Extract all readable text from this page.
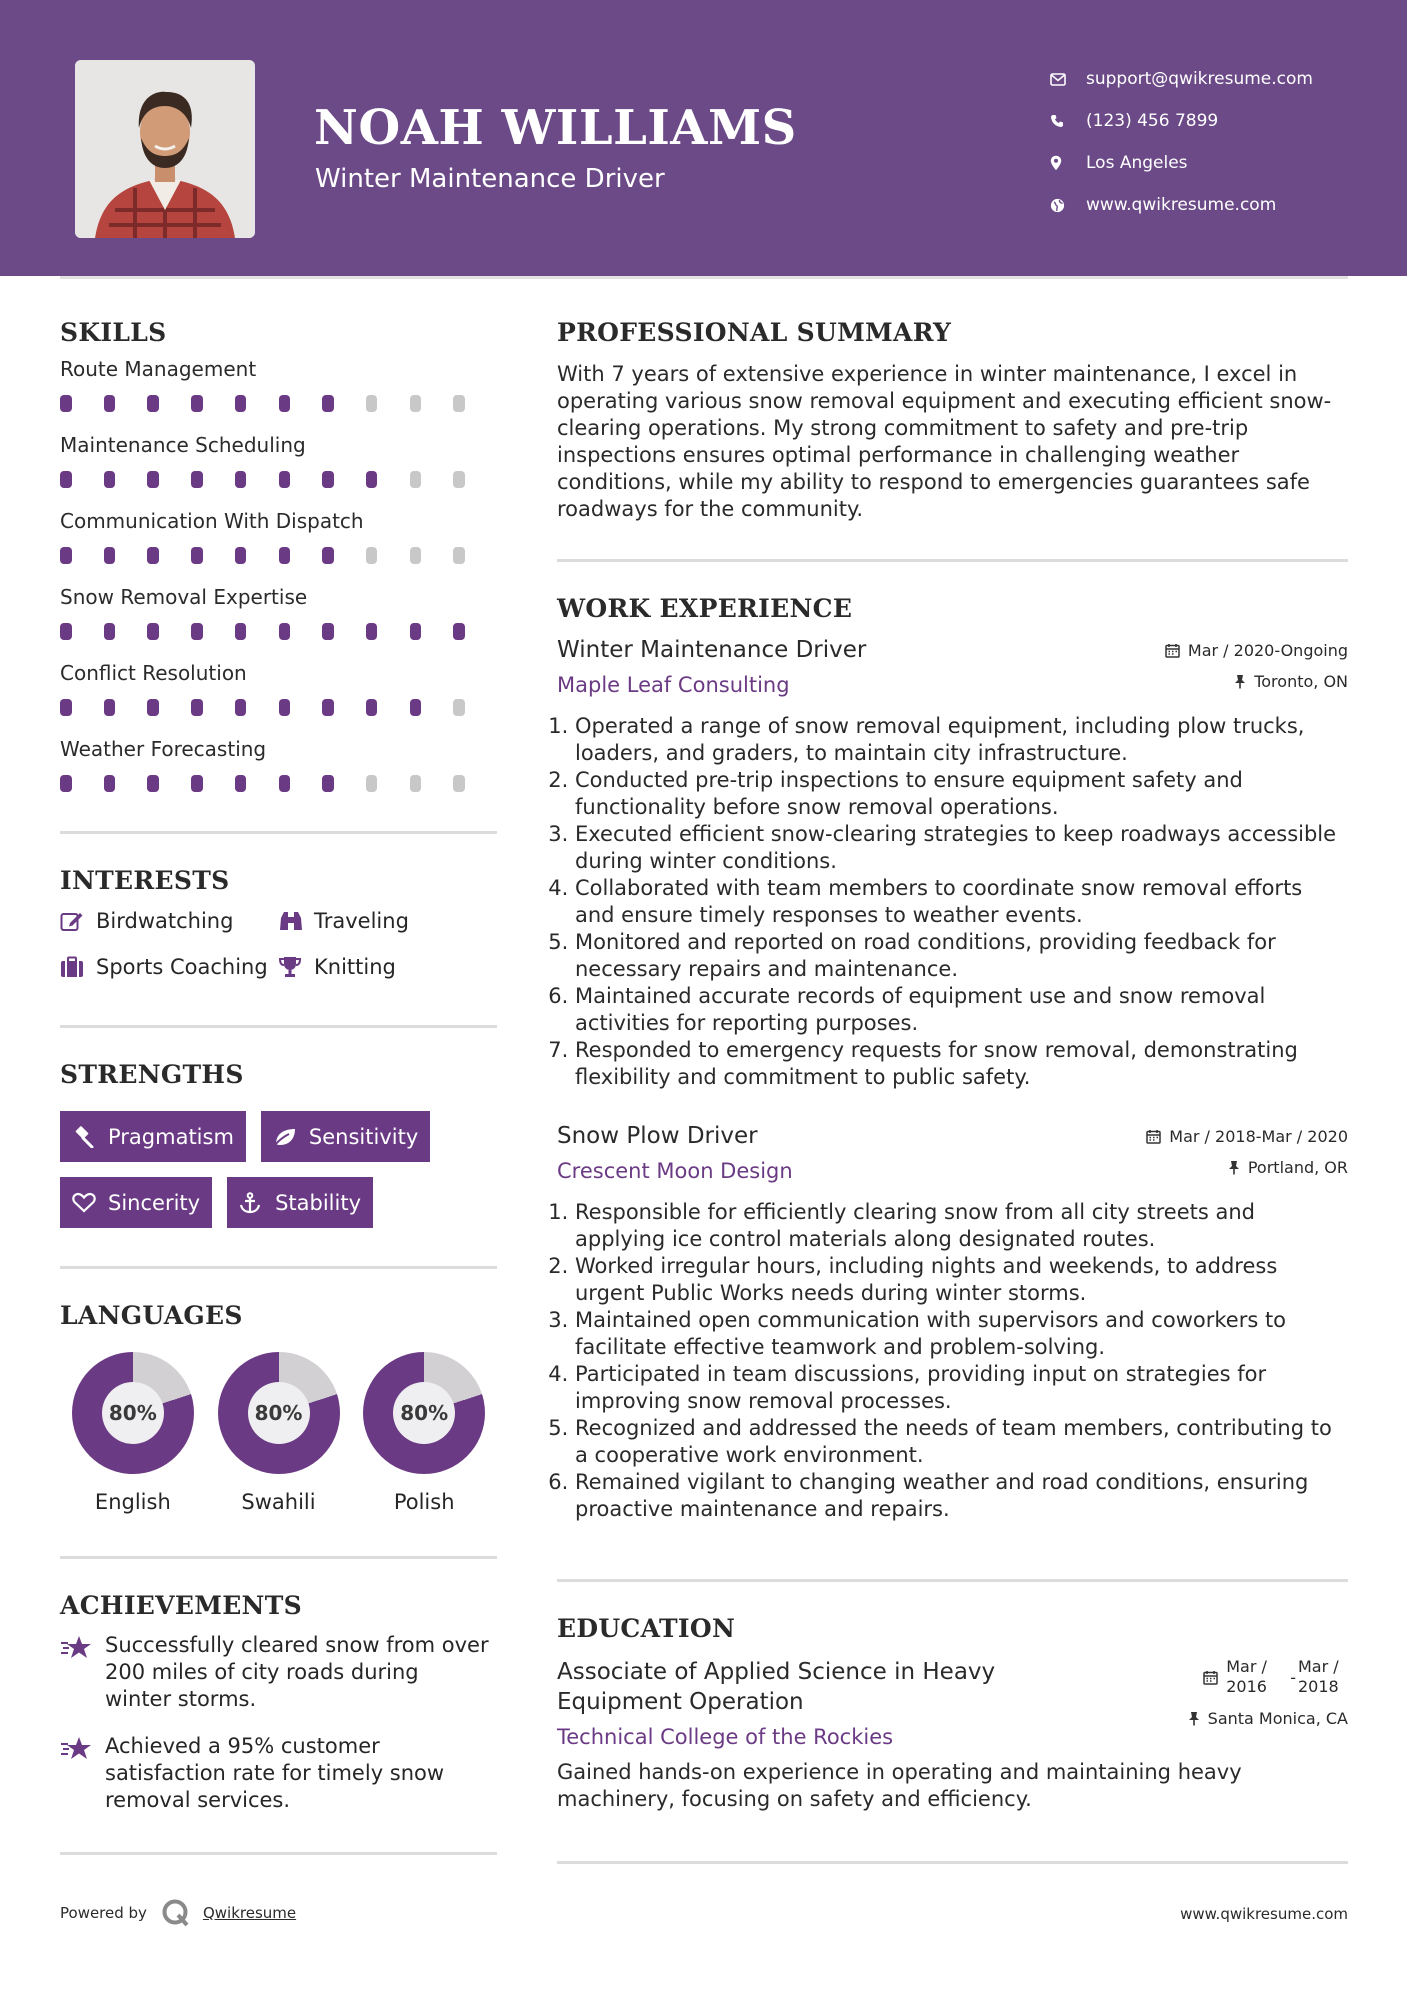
NOAH WILLIAMS
Winter Maintenance Driver
support@qwikresume.com
(123) 456 7899
Los Angeles
www.qwikresume.com
SKILLS
Route Management
Maintenance Scheduling
Communication With Dispatch
Snow Removal Expertise
Conflict Resolution
Weather Forecasting
INTERESTS
Birdwatching	Traveling
Sports Coaching Knitting
STRENGTHS
Pragmatism	Sensitivity
Sincerity	Stability
LANGUAGES
80%
English
80%
Swahili
80%
Polish
ACHIEVEMENTS
Successfully cleared snow from over 200 miles of city roads during winter storms.
Achieved a 95% customer satisfaction rate for timely snow removal services.
PROFESSIONAL SUMMARY
With 7 years of extensive experience in winter maintenance, I excel in operating various snow removal equipment and executing efficient snow-clearing operations. My strong commitment to safety and pre-trip inspections ensures optimal performance in challenging weather conditions, while my ability to respond to emergencies guarantees safe roadways for the community.
WORK EXPERIENCE
Winter Maintenance Driver
Maple Leaf Consulting
Mar / 2020-Ongoing
Toronto, ON
1. Operated a range of snow removal equipment, including plow trucks, loaders, and graders, to maintain city infrastructure.
2. Conducted pre-trip inspections to ensure equipment safety and functionality before snow removal operations.
3. Executed efficient snow-clearing strategies to keep roadways accessible during winter conditions.
4. Collaborated with team members to coordinate snow removal efforts and ensure timely responses to weather events.
5. Monitored and reported on road conditions, providing feedback for necessary repairs and maintenance.
6. Maintained accurate records of equipment use and snow removal activities for reporting purposes.
7. Responded to emergency requests for snow removal, demonstrating flexibility and commitment to public safety.
Snow Plow Driver
Crescent Moon Design
Mar / 2018-Mar / 2020
Portland, OR
1. Responsible for efficiently clearing snow from all city streets and applying ice control materials along designated routes.
2. Worked irregular hours, including nights and weekends, to address urgent Public Works needs during winter storms.
3. Maintained open communication with supervisors and coworkers to facilitate effective teamwork and problem-solving.
4. Participated in team discussions, providing input on strategies for improving snow removal processes.
5. Recognized and addressed the needs of team members, contributing to a cooperative work environment.
6. Remained vigilant to changing weather and road conditions, ensuring proactive maintenance and repairs.
EDUCATION
Associate of Applied Science in Heavy Equipment Operation
Technical College of the Rockies
Mar / 2016	-
Mar / 2018
Santa Monica, CA
Gained hands-on experience in operating and maintaining heavy machinery, focusing on safety and efficiency.
Powered by	Qwikresume	www.qwikresume.com
